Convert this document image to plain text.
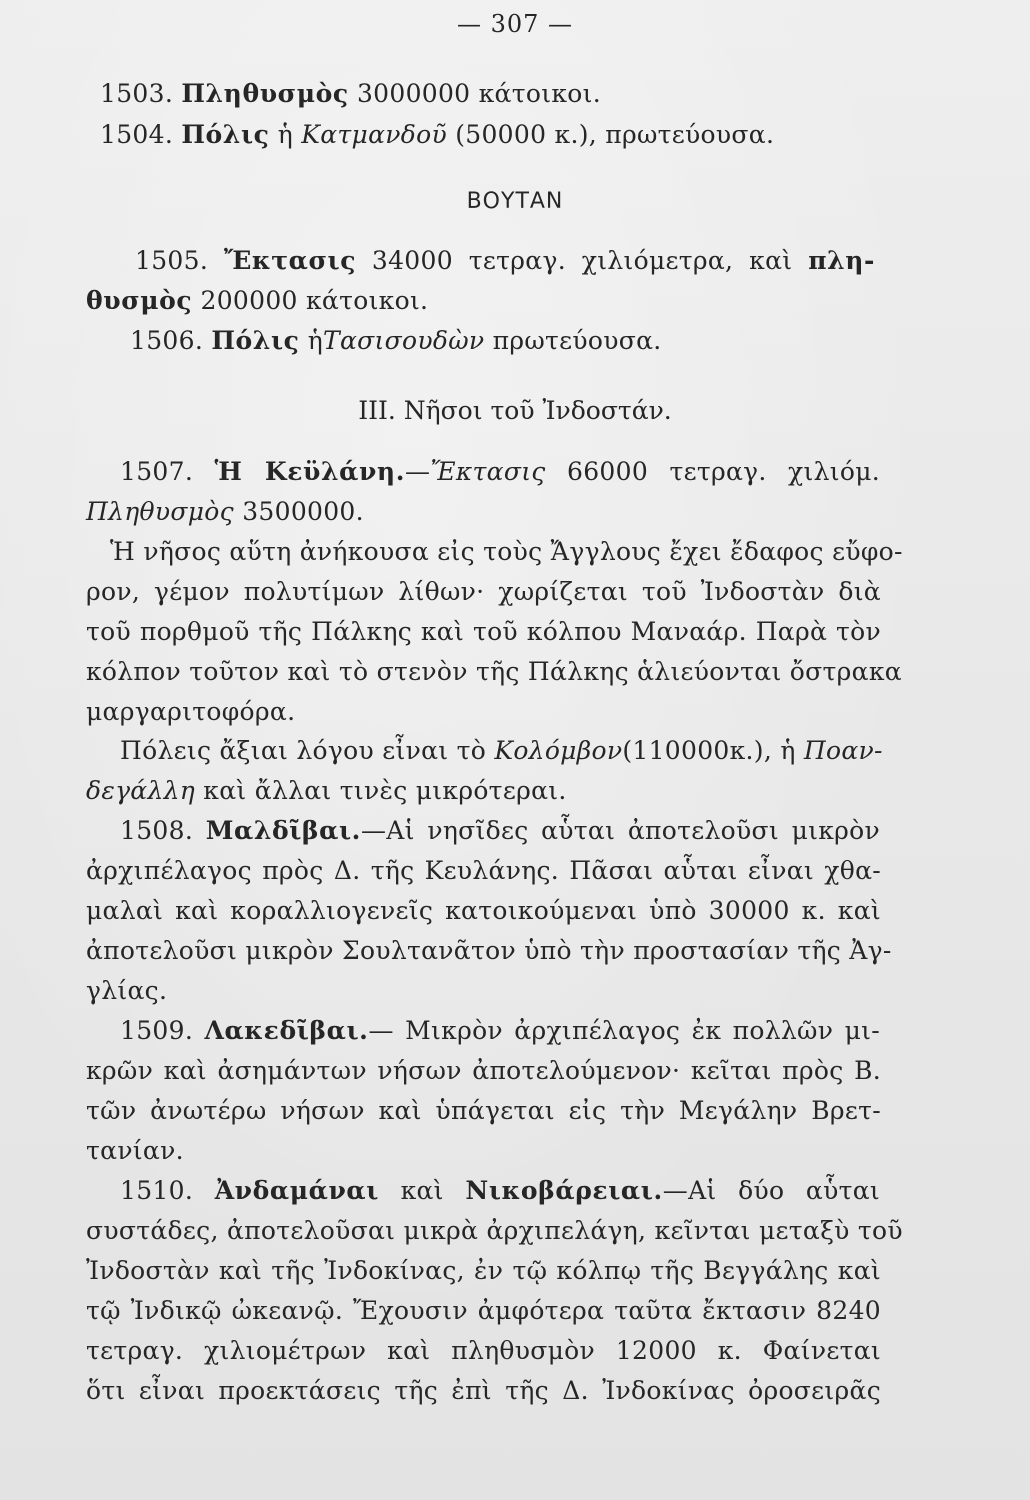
— 307 —
1503. Πληθυσμὸς 3000000 κάτοικοι.
1504. Πόλις ἡ Κατμανδοῦ (50000 κ.), πρωτεύουσα.
ΒΟΥΤΑΝ
1505. Ἔκτασις 34000 τετραγ. χιλιόμετρα, καὶ πλη-
θυσμὸς 200000 κάτοικοι.
1506. Πόλις ἡΤασισουδὼν πρωτεύουσα.
ΙΙΙ. Νῆσοι τοῦ Ἰνδοστάν.
1507. Ἡ Κεϋλάνη.—Ἔκτασις 66000 τετραγ. χιλιόμ.
Πληθυσμὸς 3500000.
Ἡ νῆσος αὕτη ἀνήκουσα εἰς τοὺς Ἄγγλους ἔχει ἔδαφος εὔφο-
ρον, γέμον πολυτίμων λίθων· χωρίζεται τοῦ Ἰνδοστὰν διὰ
τοῦ πορθμοῦ τῆς Πάλκης καὶ τοῦ κόλπου Μαναάρ. Παρὰ τὸν
κόλπον τοῦτον καὶ τὸ στενὸν τῆς Πάλκης ἁλιεύονται ὄστρακα
μαργαριτοφόρα.
Πόλεις ἄξιαι λόγου εἶναι τὸ Κολόμβον(110000κ.), ἡ Ποαν-
δεγάλλη καὶ ἄλλαι τινὲς μικρότεραι.
1508. Μαλδῖβαι.—Αἱ νησῖδες αὗται ἀποτελοῦσι μικρὸν
ἀρχιπέλαγος πρὸς Δ. τῆς Κευλάνης. Πᾶσαι αὗται εἶναι χθα-
μαλαὶ καὶ κοραλλιογενεῖς κατοικούμεναι ὑπὸ 30000 κ. καὶ
ἀποτελοῦσι μικρὸν Σουλτανᾶτον ὑπὸ τὴν προστασίαν τῆς Ἀγ-
γλίας.
1509. Λακεδῖβαι.— Μικρὸν ἀρχιπέλαγος ἐκ πολλῶν μι-
κρῶν καὶ ἀσημάντων νήσων ἀποτελούμενον· κεῖται πρὸς Β.
τῶν ἀνωτέρω νήσων καὶ ὑπάγεται εἰς τὴν Μεγάλην Βρετ-
τανίαν.
1510. Ἀνδαμάναι καὶ Νικοβάρειαι.—Αἱ δύο αὗται
συστάδες, ἀποτελοῦσαι μικρὰ ἀρχιπελάγη, κεῖνται μεταξὺ τοῦ
Ἰνδοστὰν καὶ τῆς Ἰνδοκίνας, ἐν τῷ κόλπῳ τῆς Βεγγάλης καὶ
τῷ Ἰνδικῷ ὠκεανῷ. Ἔχουσιν ἀμφότερα ταῦτα ἔκτασιν 8240
τετραγ. χιλιομέτρων καὶ πληθυσμὸν 12000 κ. Φαίνεται
ὅτι εἶναι προεκτάσεις τῆς ἐπὶ τῆς Δ. Ἰνδοκίνας ὀροσειρᾶς
